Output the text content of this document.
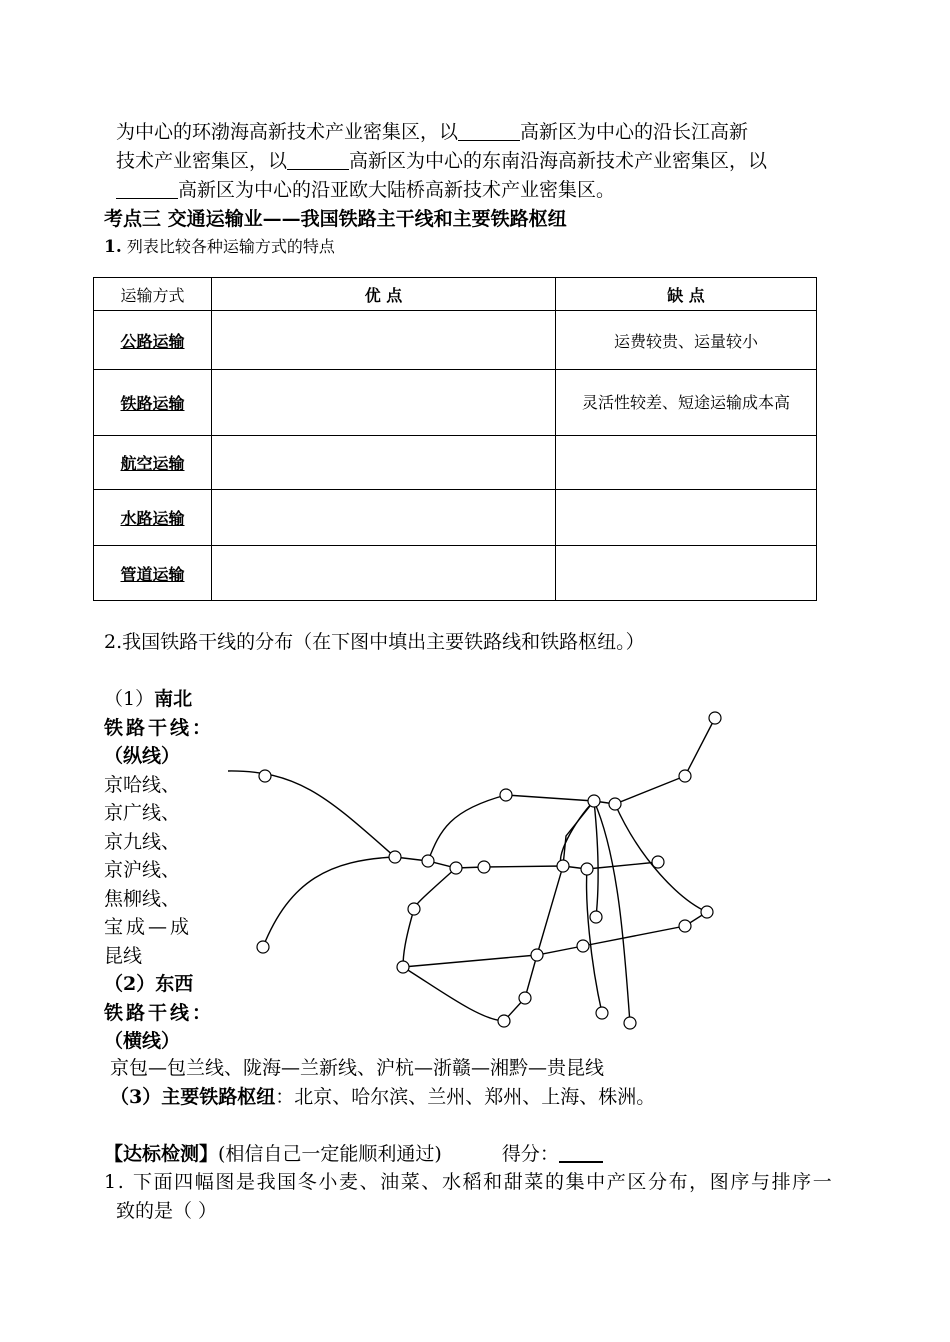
为中心的环渤海高新技术产业密集区，以	高新区为中心的沿长江高新
技术产业密集区，以	高新区为中心的东南沿海高新技术产业密集区，以
高新区为中心的沿亚欧大陆桥高新技术产业密集区。
考点三 交通运输业——我国铁路主干线和主要铁路枢纽
1. 列表比较各种运输方式的特点
运输方式	优 点	缺 点
公路运输		运费较贵、运量较小
铁路运输		灵活性较差、短途运输成本高
航空运输		
水路运输		
管道运输		
2.我国铁路干线的分布（在下图中填出主要铁路线和铁路枢纽。）
（1）南北
铁路干线：
（纵线）
京哈线、
京广线、
京九线、
京沪线、
焦柳线、
宝成—成
昆线
（2）东西
铁路干线：
（横线）
京包—包兰线、陇海—兰新线、沪杭—浙赣—湘黔—贵昆线
（3）主要铁路枢纽：北京、哈尔滨、兰州、郑州、上海、株洲。
【达标检测】(相信自己一定能顺利通过)	得分：
1. 下面四幅图是我国冬小麦、油菜、水稻和甜菜的集中产区分布，图序与排序一
致的是（ ）
